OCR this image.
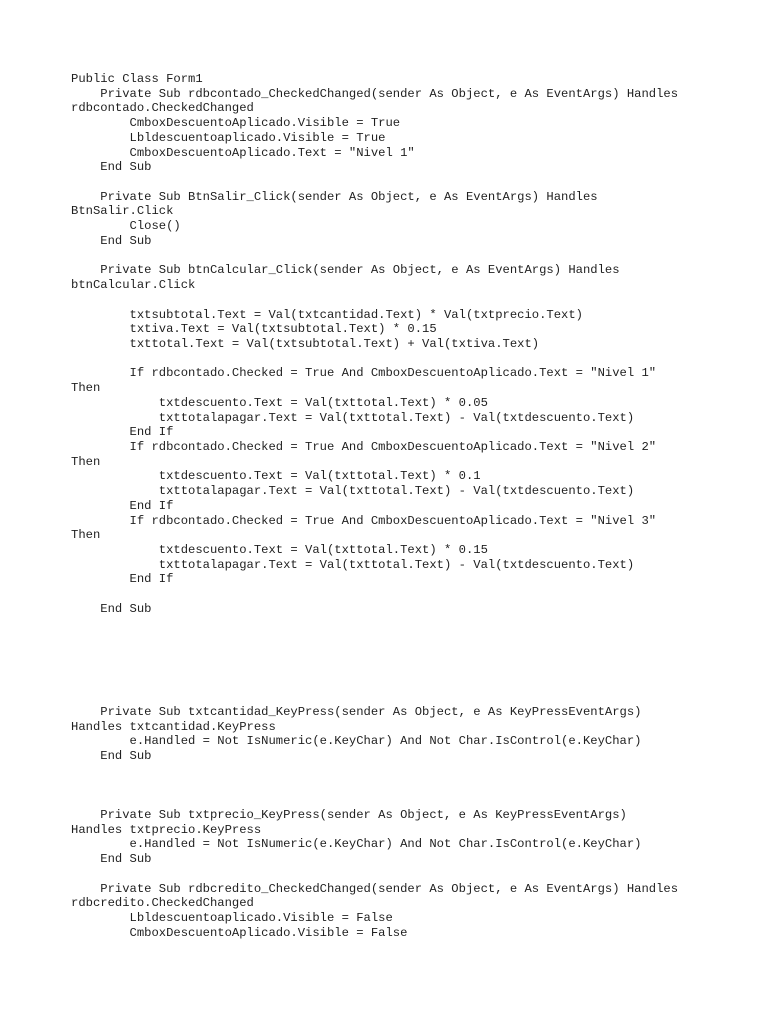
Public Class Form1
Private Sub rdbcontado_CheckedChanged(sender As Object, e As EventArgs) Handles
rdbcontado.CheckedChanged
CmboxDescuentoAplicado.Visible = True
Lbldescuentoaplicado.Visible = True
CmboxDescuentoAplicado.Text = "Nivel 1"
End Sub
Private Sub BtnSalir_Click(sender As Object, e As EventArgs) Handles
BtnSalir.Click
Close()
End Sub
Private Sub btnCalcular_Click(sender As Object, e As EventArgs) Handles
btnCalcular.Click
txtsubtotal.Text = Val(txtcantidad.Text) * Val(txtprecio.Text)
txtiva.Text = Val(txtsubtotal.Text) * 0.15
txttotal.Text = Val(txtsubtotal.Text) + Val(txtiva.Text)
If rdbcontado.Checked = True And CmboxDescuentoAplicado.Text = "Nivel 1"
Then
txtdescuento.Text = Val(txttotal.Text) * 0.05
txttotalapagar.Text = Val(txttotal.Text) - Val(txtdescuento.Text)
End If
If rdbcontado.Checked = True And CmboxDescuentoAplicado.Text = "Nivel 2"
Then
txtdescuento.Text = Val(txttotal.Text) * 0.1
txttotalapagar.Text = Val(txttotal.Text) - Val(txtdescuento.Text)
End If
If rdbcontado.Checked = True And CmboxDescuentoAplicado.Text = "Nivel 3"
Then
txtdescuento.Text = Val(txttotal.Text) * 0.15
txttotalapagar.Text = Val(txttotal.Text) - Val(txtdescuento.Text)
End If
End Sub
Private Sub txtcantidad_KeyPress(sender As Object, e As KeyPressEventArgs)
Handles txtcantidad.KeyPress
e.Handled = Not IsNumeric(e.KeyChar) And Not Char.IsControl(e.KeyChar)
End Sub
Private Sub txtprecio_KeyPress(sender As Object, e As KeyPressEventArgs)
Handles txtprecio.KeyPress
e.Handled = Not IsNumeric(e.KeyChar) And Not Char.IsControl(e.KeyChar)
End Sub
Private Sub rdbcredito_CheckedChanged(sender As Object, e As EventArgs) Handles
rdbcredito.CheckedChanged
Lbldescuentoaplicado.Visible = False
CmboxDescuentoAplicado.Visible = False
